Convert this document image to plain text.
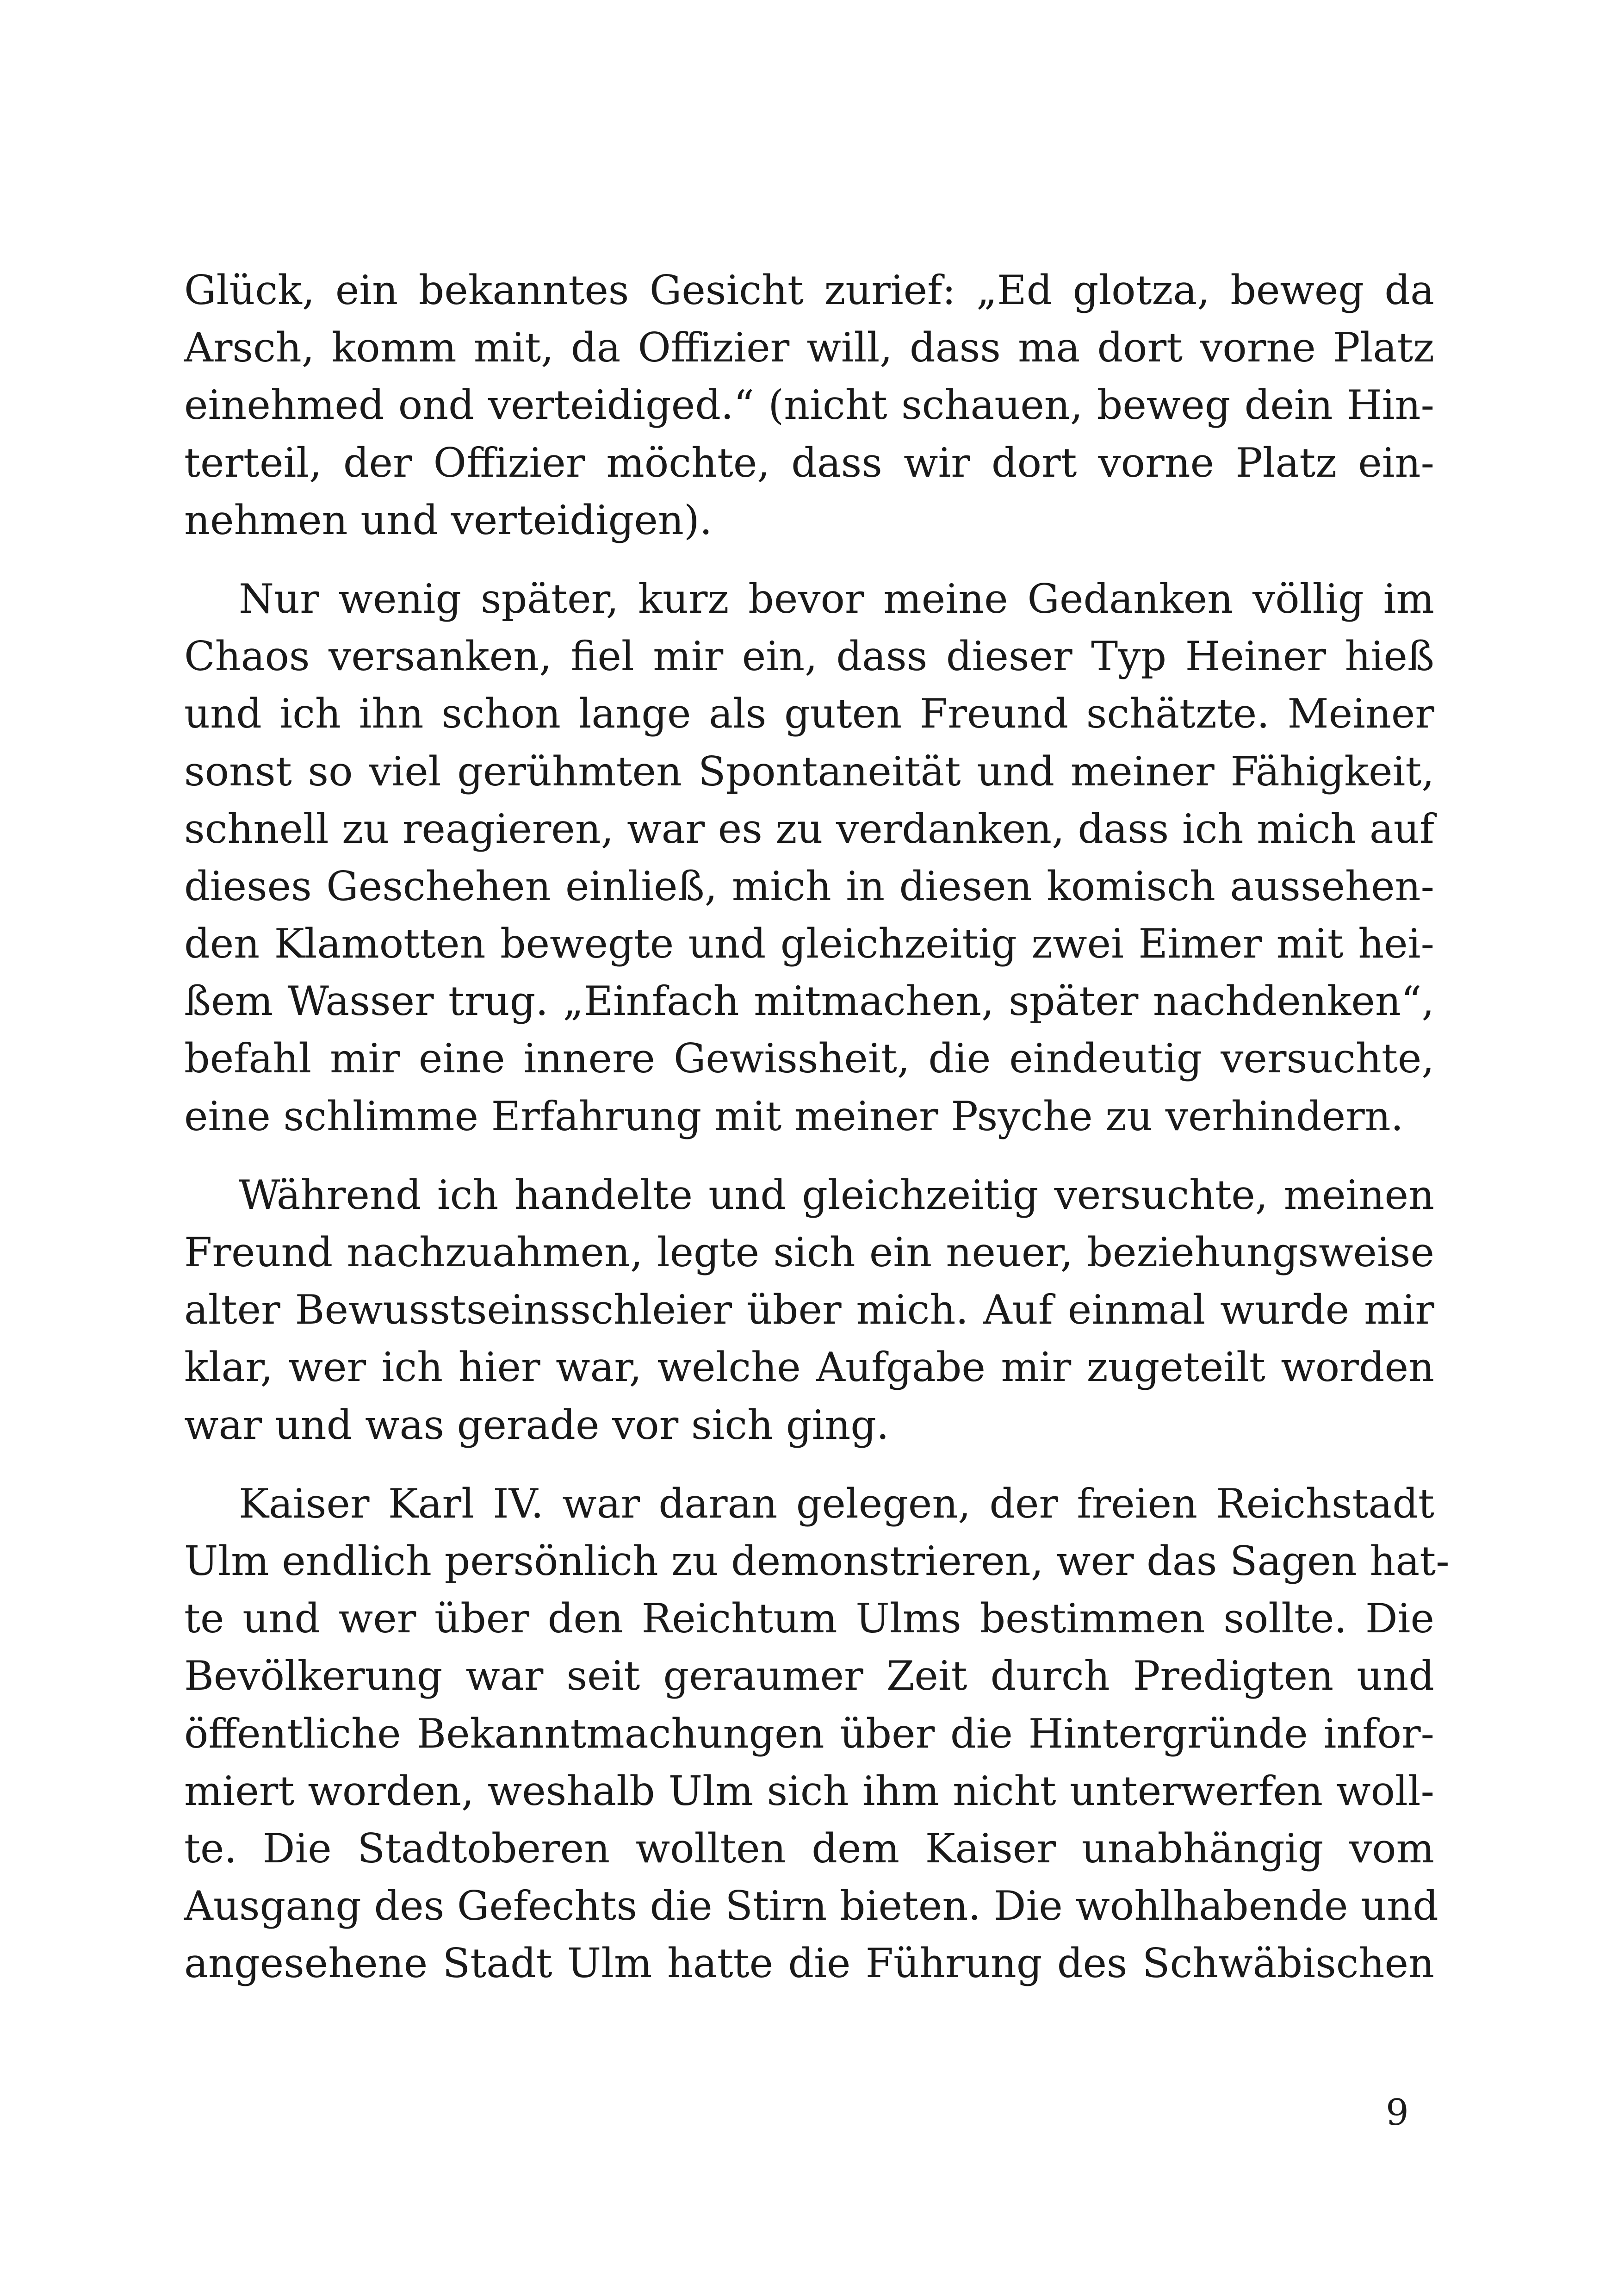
Glück, ein bekanntes Gesicht zurief: „Ed glotza, beweg da
Arsch, komm mit, da Offizier will, dass ma dort vorne Platz
einehmed ond verteidiged.“ (nicht schauen, beweg dein Hin-
terteil, der Offizier möchte, dass wir dort vorne Platz ein-
nehmen und verteidigen).
Nur wenig später, kurz bevor meine Gedanken völlig im
Chaos versanken, fiel mir ein, dass dieser Typ Heiner hieß
und ich ihn schon lange als guten Freund schätzte. Meiner
sonst so viel gerühmten Spontaneität und meiner Fähigkeit,
schnell zu reagieren, war es zu verdanken, dass ich mich auf
dieses Geschehen einließ, mich in diesen komisch aussehen-
den Klamotten bewegte und gleichzeitig zwei Eimer mit hei-
ßem Wasser trug. „Einfach mitmachen, später nachdenken“,
befahl mir eine innere Gewissheit, die eindeutig versuchte,
eine schlimme Erfahrung mit meiner Psyche zu verhindern.
Während ich handelte und gleichzeitig versuchte, meinen
Freund nachzuahmen, legte sich ein neuer, beziehungsweise
alter Bewusstseinsschleier über mich. Auf einmal wurde mir
klar, wer ich hier war, welche Aufgabe mir zugeteilt worden
war und was gerade vor sich ging.
Kaiser Karl IV. war daran gelegen, der freien Reichstadt
Ulm endlich persönlich zu demonstrieren, wer das Sagen hat-
te und wer über den Reichtum Ulms bestimmen sollte. Die
Bevölkerung war seit geraumer Zeit durch Predigten und
öffentliche Bekanntmachungen über die Hintergründe infor-
miert worden, weshalb Ulm sich ihm nicht unterwerfen woll-
te. Die Stadtoberen wollten dem Kaiser unabhängig vom
Ausgang des Gefechts die Stirn bieten. Die wohlhabende und
angesehene Stadt Ulm hatte die Führung des Schwäbischen
9
